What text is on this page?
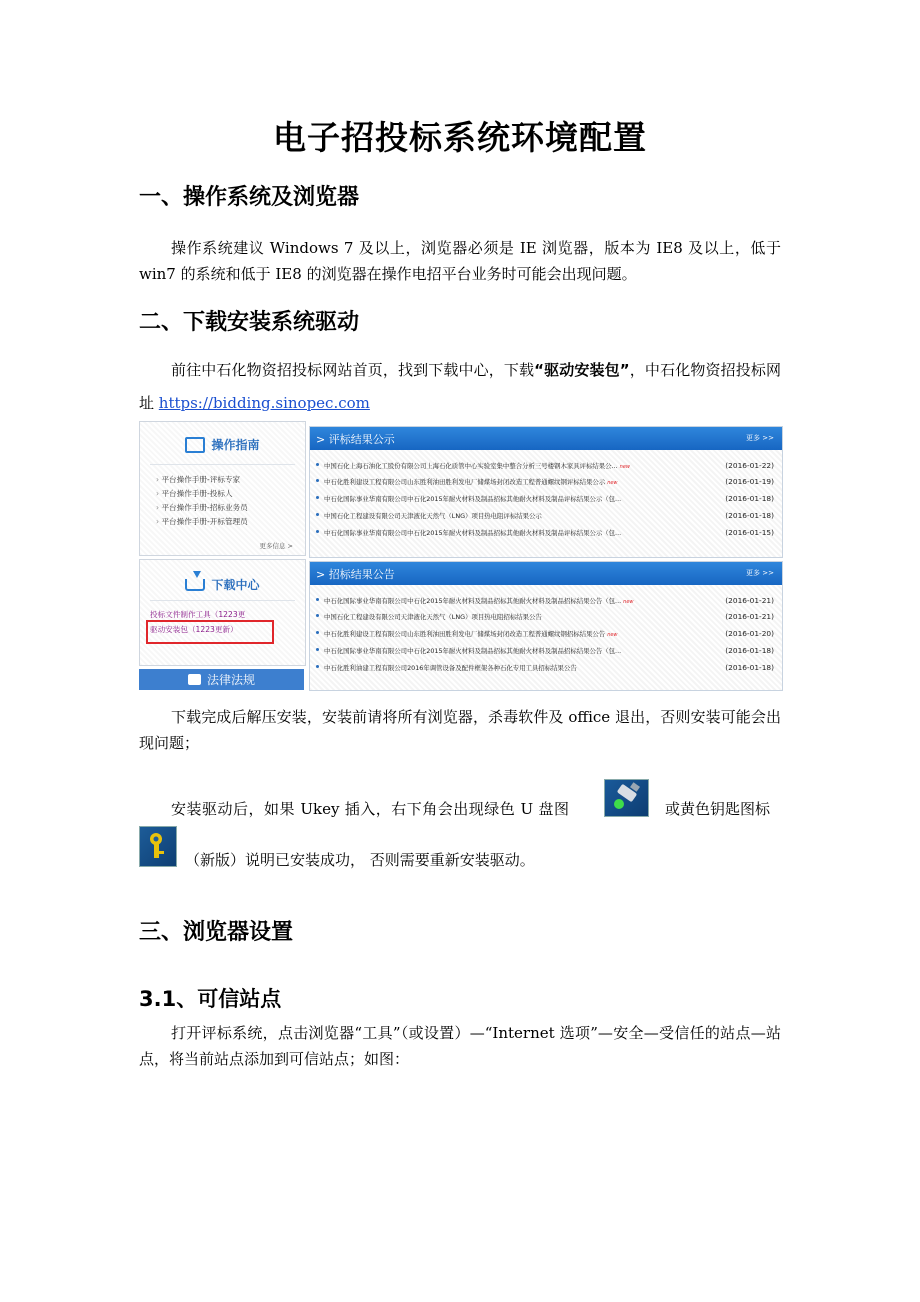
电子招投标系统环境配置
一、操作系统及浏览器
操作系统建议 Windows 7 及以上，浏览器必须是 IE 浏览器，版本为 IE8 及以上，低于 win7 的系统和低于 IE8 的浏览器在操作电招平台业务时可能会出现问题。
二、下载安装系统驱动
前往中石化物资招投标网站首页，找到下载中心，下载“驱动安装包”，中石化物资招投标网址 https://bidding.sinopec.com
操作指南
› 平台操作手册-评标专家
› 平台操作手册-投标人
› 平台操作手册-招标业务员
› 平台操作手册-开标管理员
更多信息 >
下载中心
投标文件制作工具（1223更
驱动安装包（1223更新）
法律法规
> 评标结果公示	更多 >>
中国石化上海石油化工股份有限公司上海石化质管中心实验室集中整合分析三号楼钢木家具评标结果公... new	(2016-01-22)
中石化胜利建设工程有限公司山东胜利油田胜利发电厂储煤场封闭改造工程普通螺纹钢评标结果公示 new	(2016-01-19)
中石化国际事业华南有限公司中石化2015年耐火材料及制品招标其他耐火材料及制品评标结果公示（包...	(2016-01-18)
中国石化工程建设有限公司天津液化天然气（LNG）项目热电阻评标结果公示	(2016-01-18)
中石化国际事业华南有限公司中石化2015年耐火材料及制品招标其他耐火材料及制品评标结果公示（包...	(2016-01-15)
> 招标结果公告	更多 >>
中石化国际事业华南有限公司中石化2015年耐火材料及制品招标其他耐火材料及制品招标结果公告（包... new	(2016-01-21)
中国石化工程建设有限公司天津液化天然气（LNG）项目热电阻招标结果公告	(2016-01-21)
中石化胜利建设工程有限公司山东胜利油田胜利发电厂储煤场封闭改造工程普通螺纹钢招标结果公告 new	(2016-01-20)
中石化国际事业华南有限公司中石化2015年耐火材料及制品招标其他耐火材料及制品招标结果公告（包...	(2016-01-18)
中石化胜利油建工程有限公司2016年调管设备及配件框架各种石化专用工具招标结果公告	(2016-01-18)
下载完成后解压安装，安装前请将所有浏览器，杀毒软件及 office 退出，否则安装可能会出现问题；
安装驱动后，如果 Ukey 插入，右下角会出现绿色 U 盘图	或黄色钥匙图标
（新版）说明已安装成功， 否则需要重新安装驱动。
三、浏览器设置
3.1、可信站点
打开评标系统，点击浏览器“工具”（或设置）—“Internet 选项”—安全—受信任的站点—站点，将当前站点添加到可信站点；如图：
